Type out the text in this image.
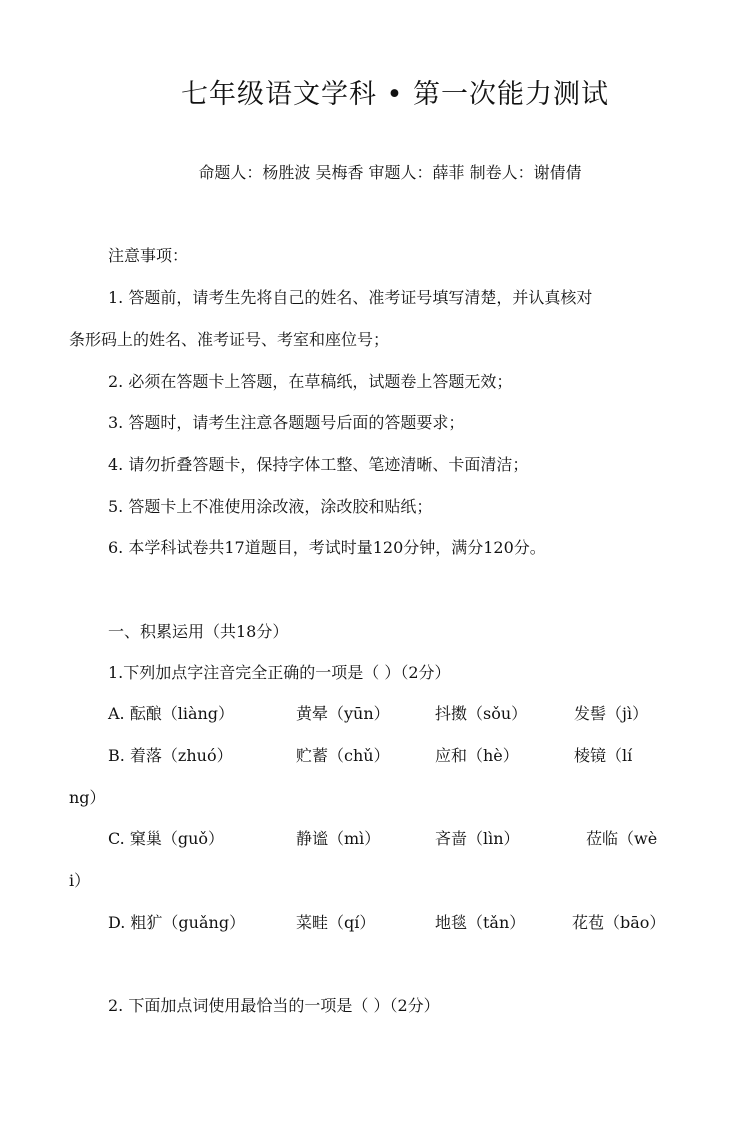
七年级语文学科 • 第一次能力测试
命题人：杨胜波 吴梅香 审题人：薛菲 制卷人：谢倩倩
注意事项：
1. 答题前，请考生先将自己的姓名、准考证号填写清楚，并认真核对
条形码上的姓名、准考证号、考室和座位号；
2. 必须在答题卡上答题，在草稿纸，试题卷上答题无效；
3. 答题时，请考生注意各题题号后面的答题要求；
4. 请勿折叠答题卡，保持字体工整、笔迹清晰、卡面清洁；
5. 答题卡上不准使用涂改液，涂改胶和贴纸；
6. 本学科试卷共17道题目，考试时量120分钟，满分120分。
一、积累运用（共18分）
1.下列加点字注音完全正确的一项是（ ）（2分）
A. 酝酿（liàng）	黄晕（yūn）	抖擞（sǒu）	发髻（jì）
B. 着落（zhuó）	贮蓄（chǔ）	应和（hè）	棱镜（lí
ng）
C. 窠巢（guǒ）	静谧（mì）	吝啬（lìn）	莅临（wè
i）
D. 粗犷（guǎng）	菜畦（qí）	地毯（tǎn）	花苞（bāo）
2. 下面加点词使用最恰当的一项是（ ）（2分）
